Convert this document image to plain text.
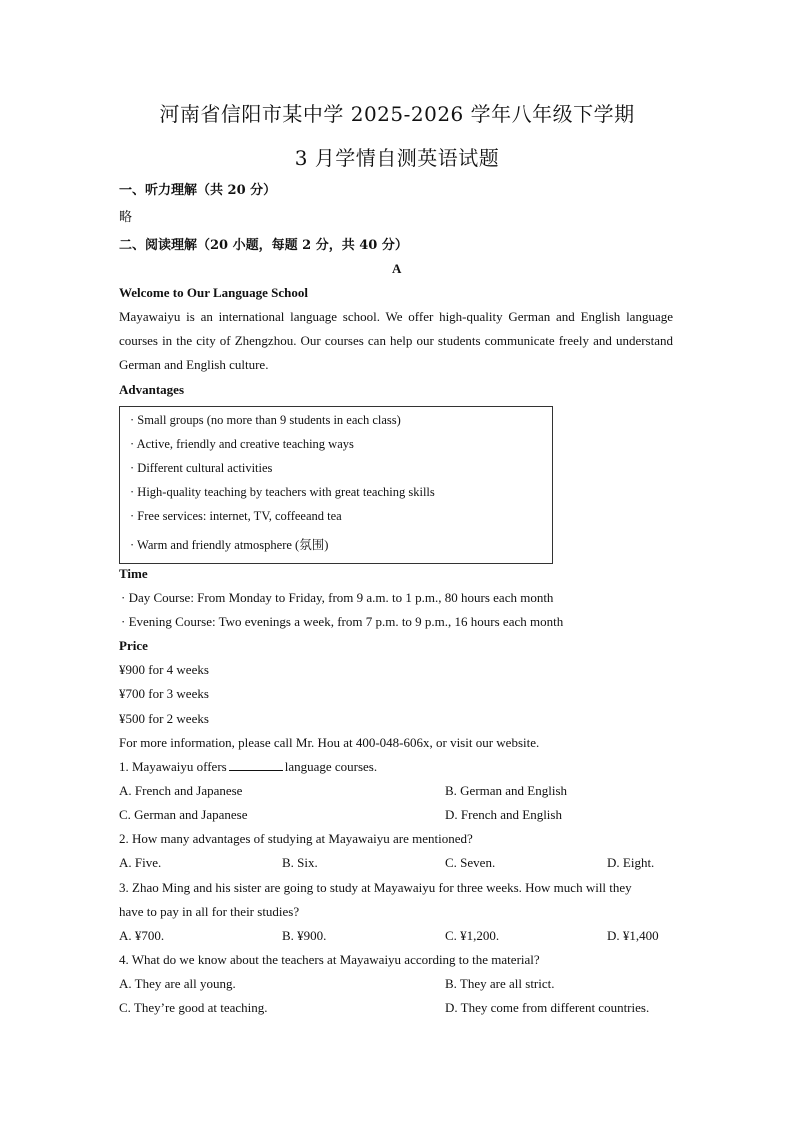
河南省信阳市某中学 2025-2026 学年八年级下学期
3 月学情自测英语试题
一、听力理解（共 20 分）
略
二、阅读理解（20 小题，每题 2 分，共 40 分）
A
Welcome to Our Language School
Mayawaiyu is an international language school. We offer high-quality German and English language courses in the city of Zhengzhou. Our courses can help our students communicate freely and understand German and English culture.
Advantages
· Small groups (no more than 9 students in each class)
· Active, friendly and creative teaching ways
· Different cultural activities
· High-quality teaching by teachers with great teaching skills
· Free services: internet, TV, coffeeand tea
· Warm and friendly atmosphere (氛围)
Time
· Day Course: From Monday to Friday, from 9 a.m. to 1 p.m., 80 hours each month
· Evening Course: Two evenings a week, from 7 p.m. to 9 p.m., 16 hours each month
Price
¥900 for 4 weeks
¥700 for 3 weeks
¥500 for 2 weeks
For more information, please call Mr. Hou at 400-048-606x, or visit our website.
1. Mayawaiyu offers	language courses.
A. French and Japanese	B. German and English
C. German and Japanese	D. French and English
2. How many advantages of studying at Mayawaiyu are mentioned?
A. Five.	B. Six.	C. Seven.	D. Eight.
3. Zhao Ming and his sister are going to study at Mayawaiyu for three weeks. How much will they
have to pay in all for their studies?
A. ¥700.	B. ¥900.	C. ¥1,200.	D. ¥1,400
4. What do we know about the teachers at Mayawaiyu according to the material?
A. They are all young.	B. They are all strict.
C. They’re good at teaching.	D. They come from different countries.
